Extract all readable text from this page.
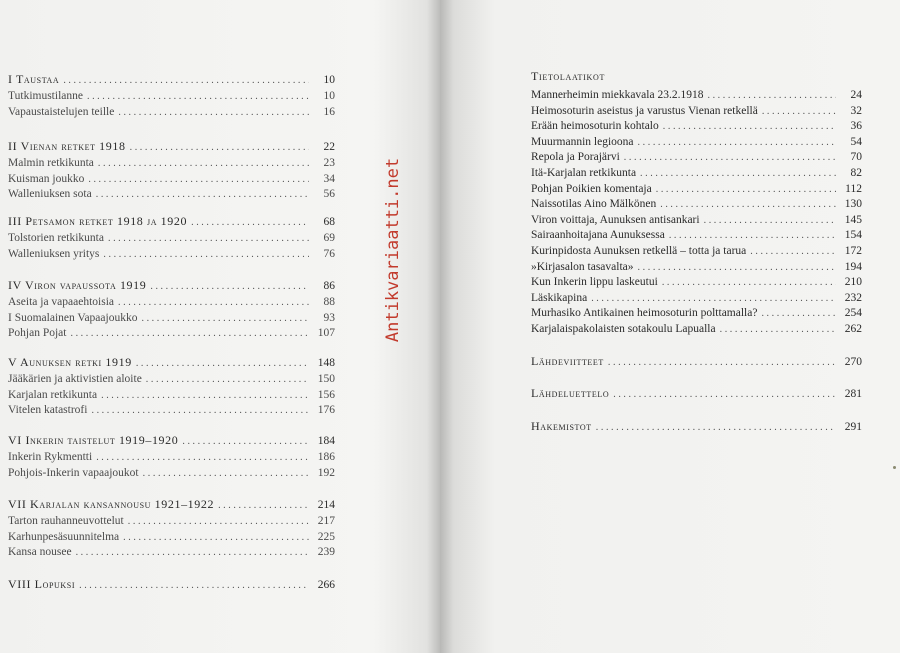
Tietolaatikot
Antikvariaatti.net
I Taustaa .....	10
Tutkimustilanne .....	10
Vapaustaistelujen teille .....	16
II Vienan retket 1918 .....	22
Malmin retkikunta .....	23
Kuisman joukko .....	34
Walleniuksen sota .....	56
III Petsamon retket 1918 ja 1920 .....	68
Tolstorien retkikunta .....	69
Walleniuksen yritys .....	76
IV Viron vapaussota 1919 .....	86
Aseita ja vapaaehtoisia .....	88
I Suomalainen Vapaajoukko .....	93
Pohjan Pojat .....	107
V Aunuksen retki 1919 .....	148
Jääkärien ja aktivistien aloite .....	150
Karjalan retkikunta .....	156
Vitelen katastrofi .....	176
VI Inkerin taistelut 1919–1920 .....	184
Inkerin Rykmentti .....	186
Pohjois-Inkerin vapaajoukot .....	192
VII Karjalan kansannousu 1921–1922 .....	214
Tarton rauhanneuvottelut .....	217
Karhunpesäsuunnitelma .....	225
Kansa nousee .....	239
VIII Lopuksi .....	266
Mannerheimin miekkavala 23.2.1918 .....	24
Heimosoturin aseistus ja varustus Vienan retkellä .....	32
Erään heimosoturin kohtalo .....	36
Muurmannin legioona .....	54
Repola ja Porajärvi .....	70
Itä-Karjalan retkikunta .....	82
Pohjan Poikien komentaja .....	112
Naissotilas Aino Mälkönen .....	130
Viron voittaja, Aunuksen antisankari .....	145
Sairaanhoitajana Aunuksessa .....	154
Kurinpidosta Aunuksen retkellä – totta ja tarua .....	172
»Kirjasalon tasavalta» .....	194
Kun Inkerin lippu laskeutui .....	210
Läskikapina .....	232
Murhasiko Antikainen heimosoturin polttamalla? .....	254
Karjalaispakolaisten sotakoulu Lapualla .....	262
Lähdeviitteet .....	270
Lähdeluettelo .....	281
Hakemistot .....	291
